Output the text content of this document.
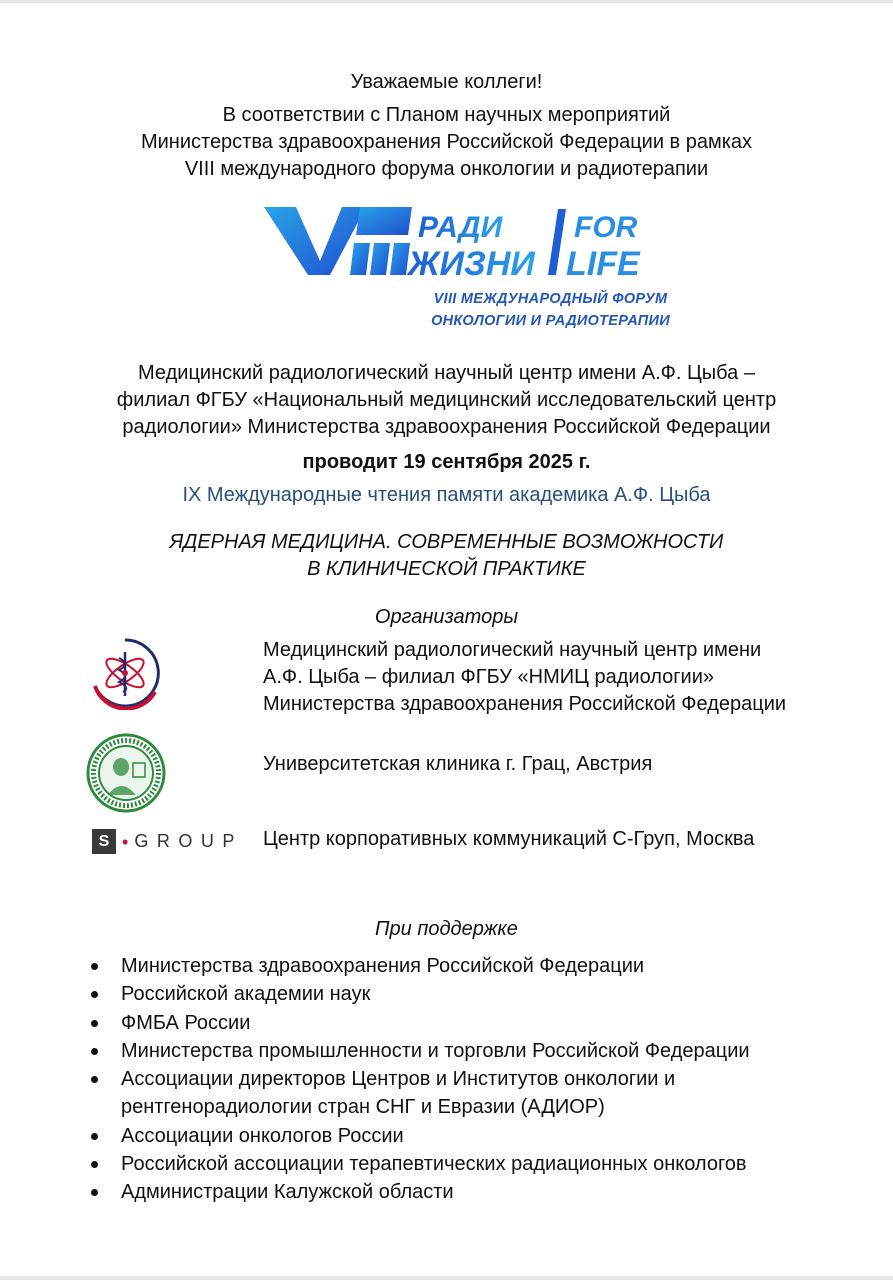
Уважаемые коллеги!
В соответствии с Планом научных мероприятий
Министерства здравоохранения Российской Федерации в рамках
VIII международного форума онкологии и радиотерапии
РАДИ
ЖИЗНИ
FOR
LIFE
VIII МЕЖДУНАРОДНЫЙ ФОРУМ
ОНКОЛОГИИ И РАДИОТЕРАПИИ
Медицинский радиологический научный центр имени А.Ф. Цыба –
филиал ФГБУ «Национальный медицинский исследовательский центр
радиологии» Министерства здравоохранения Российской Федерации
проводит 19 сентября 2025 г.
IX Международные чтения памяти академика А.Ф. Цыба
ЯДЕРНАЯ МЕДИЦИНА. СОВРЕМЕННЫЕ ВОЗМОЖНОСТИ
В КЛИНИЧЕСКОЙ ПРАКТИКЕ
Организаторы
Медицинский радиологический научный центр имени
А.Ф. Цыба – филиал ФГБУ «НМИЦ радиологии»
Министерства здравоохранения Российской Федерации
Университетская клиника г. Грац, Австрия
S • GROUP Центр корпоративных коммуникаций С-Груп, Москва
При поддержке
Министерства здравоохранения Российской Федерации
Российской академии наук
ФМБА России
Министерства промышленности и торговли Российской Федерации
Ассоциации директоров Центров и Институтов онкологии и
рентгенорадиологии стран СНГ и Евразии (АДИОР)
Ассоциации онкологов России
Российской ассоциации терапевтических радиационных онкологов
Администрации Калужской области
